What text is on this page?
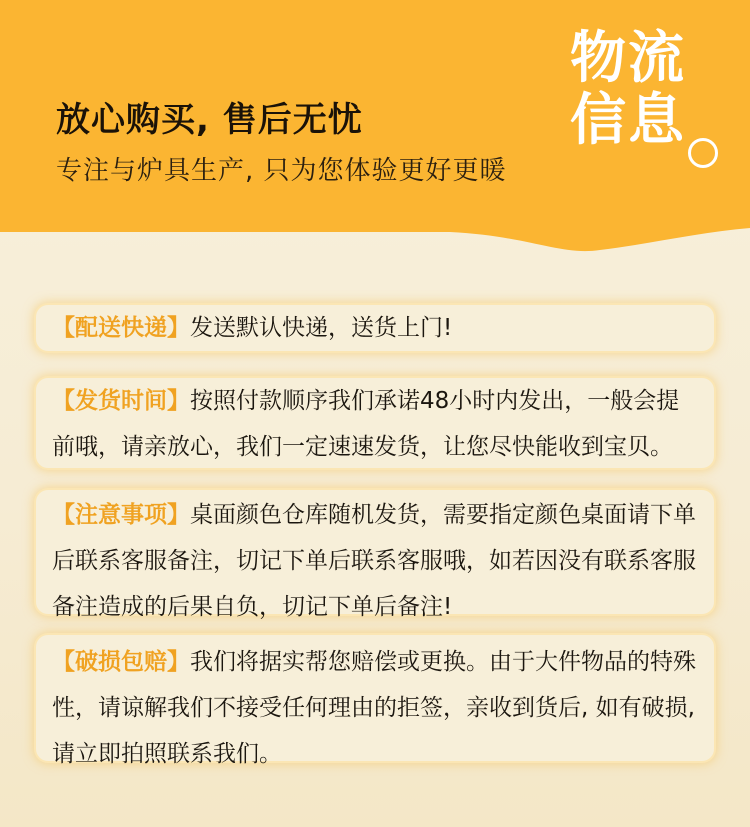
放心购买, 售后无忧

专注与炉具生产, 只为您体验更好更暖

物流
信息

【配送快递】发送默认快递，送货上门!

【发货时间】按照付款顺序我们承诺48小时内发出，一般会提前哦，请亲放心，我们一定速速发货，让您尽快能收到宝贝。

【注意事项】桌面颜色仓库随机发货，需要指定颜色桌面请下单后联系客服备注，切记下单后联系客服哦，如若因没有联系客服备注造成的后果自负，切记下单后备注!

【破损包赔】我们将据实帮您赔偿或更换。由于大件物品的特殊性，请谅解我们不接受任何理由的拒签，亲收到货后, 如有破损,请立即拍照联系我们。
